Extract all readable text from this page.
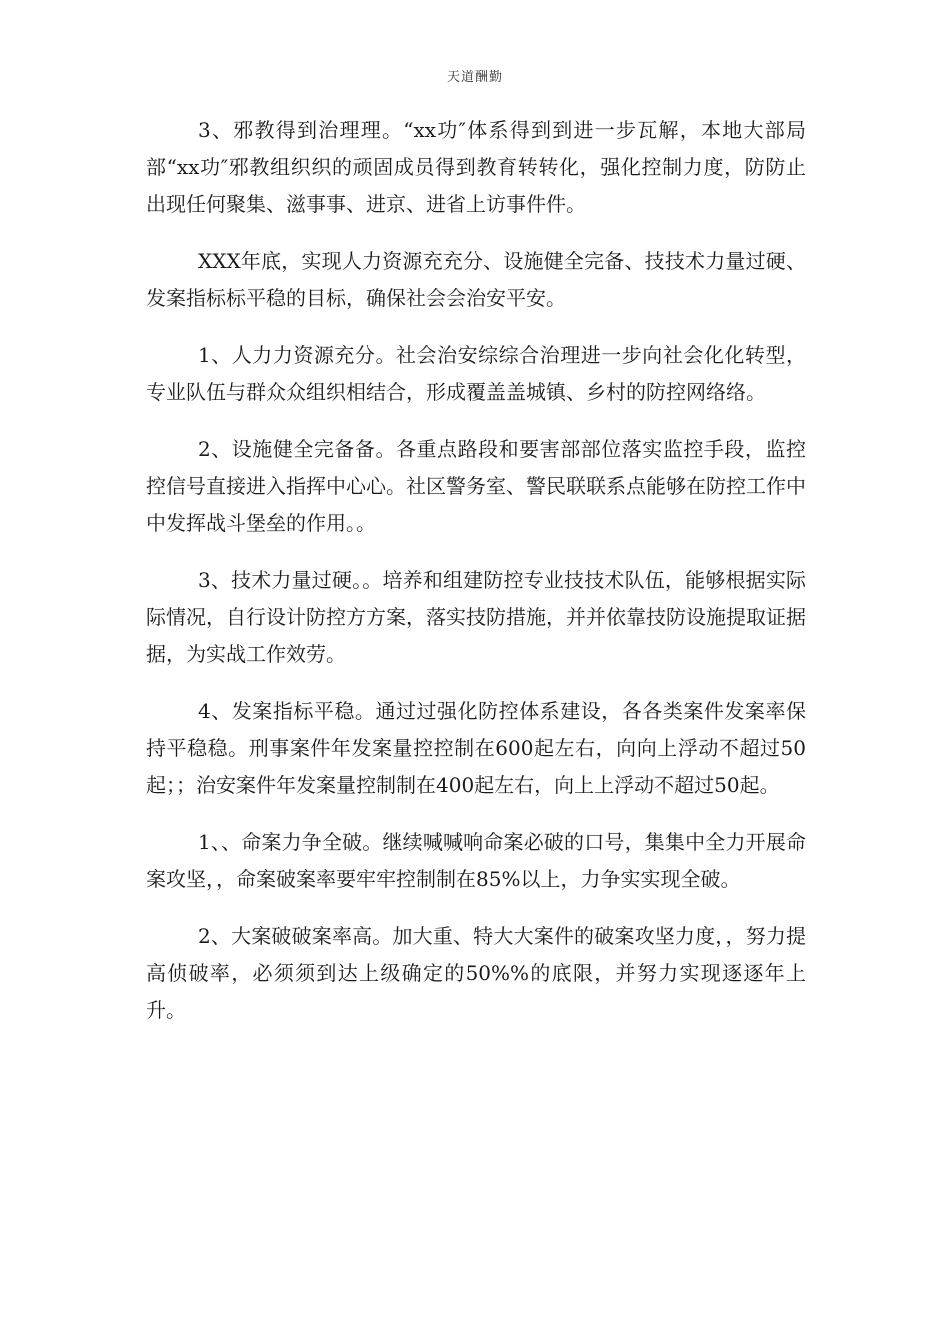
天道酬勤

3、邪教得到治理理。“xx功″体系得到到进一步瓦解，本地大部局部“xx功″邪教组织织的顽固成员得到教育转转化，强化控制力度，防防止出现任何聚集、滋事事、进京、进省上访事件件。

XXX年底，实现人力资源充充分、设施健全完备、技技术力量过硬、发案指标标平稳的目标，确保社会会治安平安。

1、人力力资源充分。社会治安综综合治理进一步向社会化化转型，专业队伍与群众众组织相结合，形成覆盖盖城镇、乡村的防控网络络。

2、设施健全完备备。各重点路段和要害部部位落实监控手段，监控控信号直接进入指挥中心心。社区警务室、警民联联系点能够在防控工作中中发挥战斗堡垒的作用。。

3、技术力量过硬。。培养和组建防控专业技技术队伍，能够根据实际际情况，自行设计防控方方案，落实技防措施，并并依靠技防设施提取证据据，为实战工作效劳。

4、发案指标平稳。通过过强化防控体系建设，各各类案件发案率保持平稳稳。刑事案件年发案量控控制在600起左右，向向上浮动不超过50起；；治安案件年发案量控制制在400起左右，向上上浮动不超过50起。

1、、命案力争全破。继续喊喊响命案必破的口号，集集中全力开展命案攻坚，，命案破案率要牢牢控制制在85%以上，力争实实现全破。

2、大案破破案率高。加大重、特大大案件的破案攻坚力度，，努力提高侦破率，必须须到达上级确定的50%%的底限，并努力实现逐逐年上升。
